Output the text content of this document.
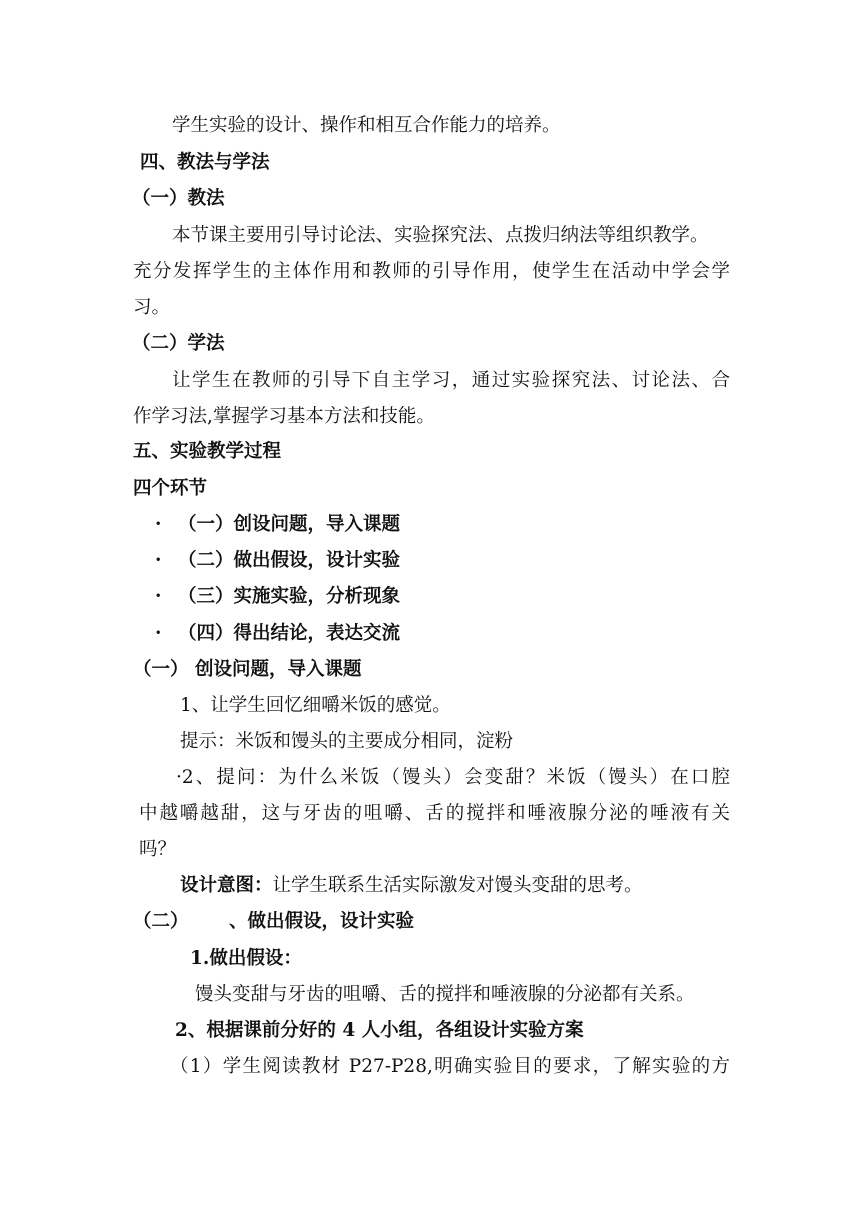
学生实验的设计、操作和相互合作能力的培养。
四、教法与学法
（一）教法
本节课主要用引导讨论法、实验探究法、点拨归纳法等组织教学。
充分发挥学生的主体作用和教师的引导作用，使学生在活动中学会学
习。
（二）学法
让学生在教师的引导下自主学习，通过实验探究法、讨论法、合
作学习法,掌握学习基本方法和技能。
五、实验教学过程
四个环节
· （一）创设问题，导入课题
· （二）做出假设，设计实验
· （三）实施实验，分析现象
· （四）得出结论，表达交流
（一） 创设问题，导入课题
1、让学生回忆细嚼米饭的感觉。
提示：米饭和馒头的主要成分相同，淀粉
·2、提问：为什么米饭（馒头）会变甜？米饭（馒头）在口腔
中越嚼越甜，这与牙齿的咀嚼、舌的搅拌和唾液腺分泌的唾液有关
吗？
设计意图：让学生联系生活实际激发对馒头变甜的思考。
（二） 、做出假设，设计实验
1.做出假设：
馒头变甜与牙齿的咀嚼、舌的搅拌和唾液腺的分泌都有关系。
2、根据课前分好的 4 人小组，各组设计实验方案
（1）学生阅读教材 P27-P28,明确实验目的要求，了解实验的方
